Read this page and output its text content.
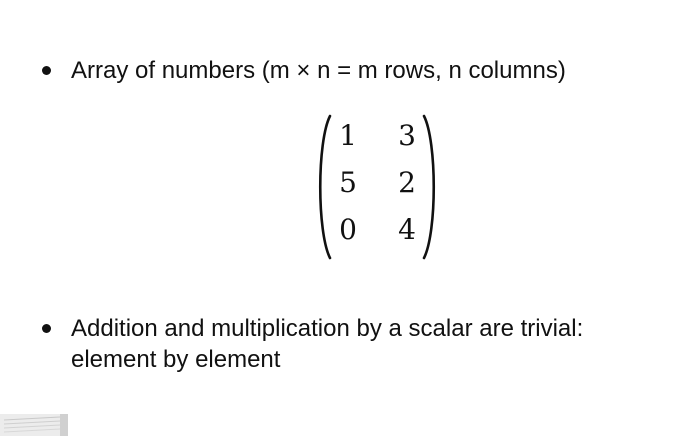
Array of numbers (m × n = m rows, n columns)
1 3
5 2
0 4
Addition and multiplication by a scalar are trivial: element by element
